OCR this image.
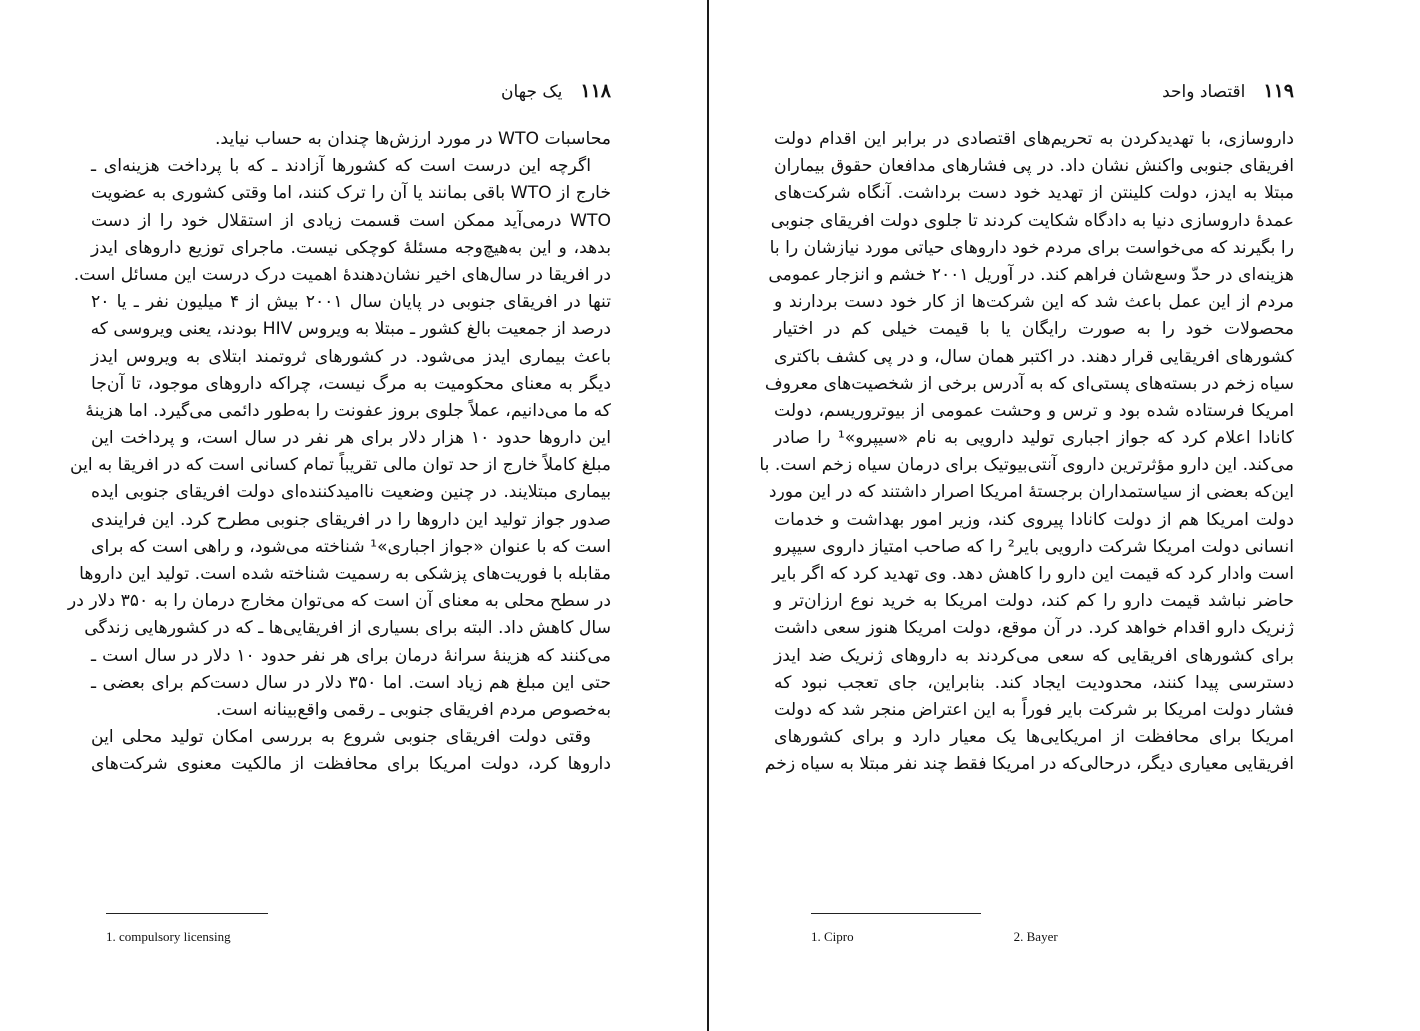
۱۱۸
یک جهان
محاسبات WTO در مورد ارزش‌ها چندان به حساب نیاید.
اگرچه این درست است که کشورها آزادند ـ که با پرداخت هزینه‌ای ـ
خارج از WTO باقی بمانند یا آن را ترک کنند، اما وقتی کشوری به عضویت
WTO درمی‌آید ممکن است قسمت زیادی از استقلال خود را از دست
بدهد، و این به‌هیچ‌وجه مسئلهٔ کوچکی نیست. ماجرای توزیع داروهای ایدز
در افریقا در سال‌های اخیر نشان‌دهندهٔ اهمیت درک درست این مسائل است.
تنها در افریقای جنوبی در پایان سال ۲۰۰۱ بیش از ۴ میلیون نفر ـ یا ۲۰
درصد از جمعیت بالغ کشور ـ مبتلا به ویروس HIV بودند، یعنی ویروسی که
باعث بیماری ایدز می‌شود. در کشورهای ثروتمند ابتلای به ویروس ایدز
دیگر به معنای محکومیت به مرگ نیست، چراکه داروهای موجود، تا آن‌جا
که ما می‌دانیم، عملاً جلوی بروز عفونت را به‌طور دائمی می‌گیرد. اما هزینهٔ
این داروها حدود ۱۰ هزار دلار برای هر نفر در سال است، و پرداخت این
مبلغ کاملاً خارج از حد توان مالی تقریباً تمام کسانی است که در افریقا به این
بیماری مبتلایند. در چنین وضعیت ناامیدکننده‌ای دولت افریقای جنوبی ایده
صدور جواز تولید این داروها را در افریقای جنوبی مطرح کرد. این فرایندی
است که با عنوان «جواز اجباری»¹ شناخته می‌شود، و راهی است که برای
مقابله با فوریت‌های پزشکی به رسمیت شناخته شده است. تولید این داروها
در سطح محلی به معنای آن است که می‌توان مخارج درمان را به ۳۵۰ دلار در
سال کاهش داد. البته برای بسیاری از افریقایی‌ها ـ که در کشورهایی زندگی
می‌کنند که هزینهٔ سرانهٔ درمان برای هر نفر حدود ۱۰ دلار در سال است ـ
حتی این مبلغ هم زیاد است. اما ۳۵۰ دلار در سال دست‌کم برای بعضی ـ
به‌خصوص مردم افریقای جنوبی ـ رقمی واقع‌بینانه است.
وقتی دولت افریقای جنوبی شروع به بررسی امکان تولید محلی این
داروها کرد، دولت امریکا برای محافظت از مالکیت معنوی شرکت‌های
1. compulsory licensing
۱۱۹
اقتصاد واحد
داروسازی، با تهدیدکردن به تحریم‌های اقتصادی در برابر این اقدام دولت
افریقای جنوبی واکنش نشان داد. در پی فشارهای مدافعان حقوق بیماران
مبتلا به ایدز، دولت کلینتن از تهدید خود دست برداشت. آنگاه شرکت‌های
عمدهٔ داروسازی دنیا به دادگاه شکایت کردند تا جلوی دولت افریقای جنوبی
را بگیرند که می‌خواست برای مردم خود داروهای حیاتی مورد نیازشان را با
هزینه‌ای در حدّ وسع‌شان فراهم کند. در آوریل ۲۰۰۱ خشم و انزجار عمومی
مردم از این عمل باعث شد که این شرکت‌ها از کار خود دست بردارند و
محصولات خود را به صورت رایگان یا با قیمت خیلی کم در اختیار
کشورهای افریقایی قرار دهند. در اکتبر همان سال، و در پی کشف باکتری
سیاه زخم در بسته‌های پستی‌ای که به آدرس برخی از شخصیت‌های معروف
امریکا فرستاده شده بود و ترس و وحشت عمومی از بیوتروریسم، دولت
کانادا اعلام کرد که جواز اجباری تولید دارویی به نام «سیپرو»¹ را صادر
می‌کند. این دارو مؤثرترین داروی آنتی‌بیوتیک برای درمان سیاه زخم است. با
این‌که بعضی از سیاستمداران برجستهٔ امریکا اصرار داشتند که در این مورد
دولت امریکا هم از دولت کانادا پیروی کند، وزیر امور بهداشت و خدمات
انسانی دولت امریکا شرکت دارویی بایر² را که صاحب امتیاز داروی سیپرو
است وادار کرد که قیمت این دارو را کاهش دهد. وی تهدید کرد که اگر بایر
حاضر نباشد قیمت دارو را کم کند، دولت امریکا به خرید نوع ارزان‌تر و
ژنریک دارو اقدام خواهد کرد. در آن موقع، دولت امریکا هنوز سعی داشت
برای کشورهای افریقایی که سعی می‌کردند به داروهای ژنریک ضد ایدز
دسترسی پیدا کنند، محدودیت ایجاد کند. بنابراین، جای تعجب نبود که
فشار دولت امریکا بر شرکت بایر فوراً به این اعتراض منجر شد که دولت
امریکا برای محافظت از امریکایی‌ها یک معیار دارد و برای کشورهای
افریقایی معیاری دیگر، درحالی‌که در امریکا فقط چند نفر مبتلا به سیاه زخم
1. Cipro	2. Bayer
